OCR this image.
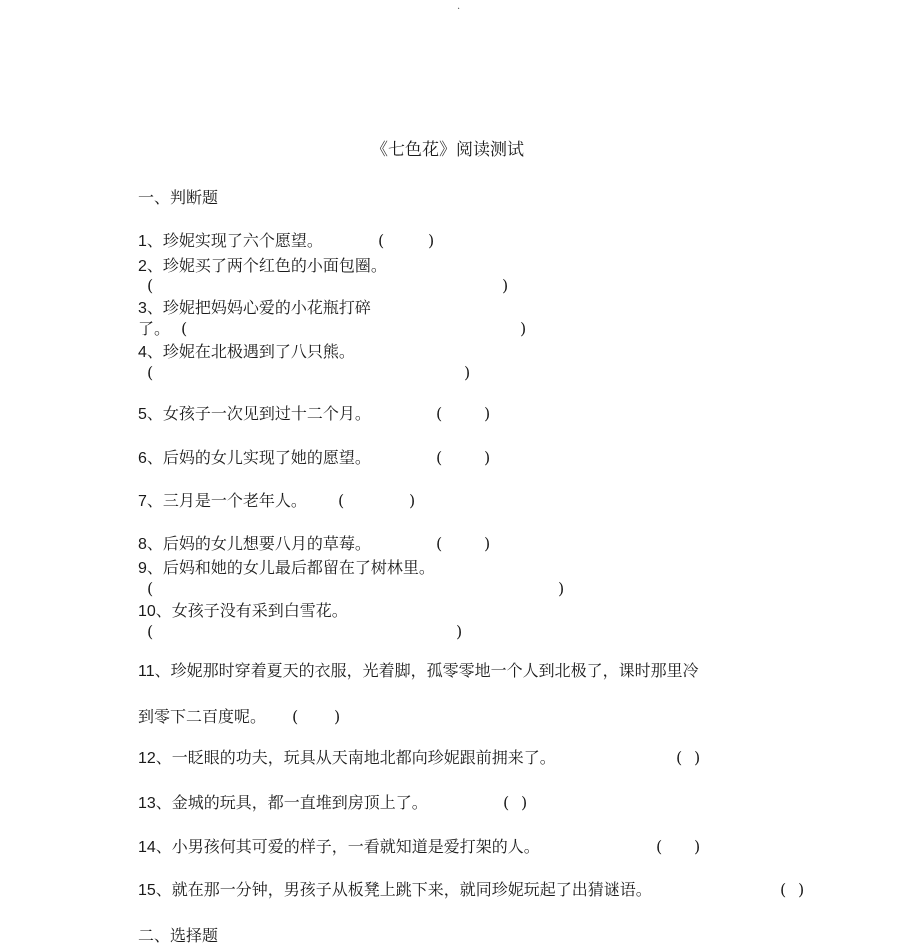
.
《七色花》阅读测试
一、判断题
1、珍妮实现了六个愿望。	(	)
2、珍妮买了两个红色的小面包圈。
(	)
3、珍妮把妈妈心爱的小花瓶打碎
了。 (	)
4、珍妮在北极遇到了八只熊。
(	)
5、女孩子一次见到过十二个月。	(	)
6、后妈的女儿实现了她的愿望。	(	)
7、三月是一个老年人。 (	)
8、后妈的女儿想要八月的草莓。	(	)
9、后妈和她的女儿最后都留在了树林里。
(	)
10、女孩子没有采到白雪花。
(	)
11、珍妮那时穿着夏天的衣服，光着脚，孤零零地一个人到北极了，课时那里冷
到零下二百度呢。 ( )
12、一眨眼的功夫，玩具从天南地北都向珍妮跟前拥来了。	( )
13、金城的玩具，都一直堆到房顶上了。	( )
14、小男孩何其可爱的样子，一看就知道是爱打架的人。	( )
15、就在那一分钟，男孩子从板凳上跳下来，就同珍妮玩起了出猜谜语。	( )
二、选择题
